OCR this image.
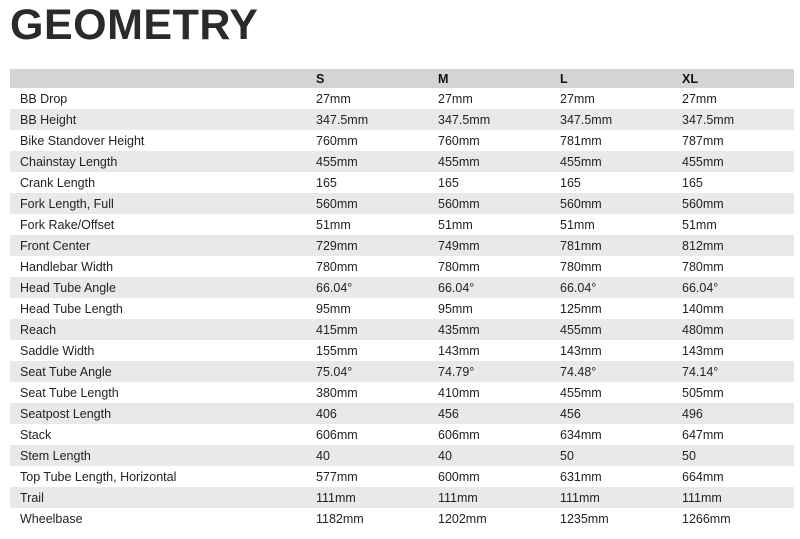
GEOMETRY
	S	M	L	XL
BB Drop	27mm	27mm	27mm	27mm
BB Height	347.5mm	347.5mm	347.5mm	347.5mm
Bike Standover Height	760mm	760mm	781mm	787mm
Chainstay Length	455mm	455mm	455mm	455mm
Crank Length	165	165	165	165
Fork Length, Full	560mm	560mm	560mm	560mm
Fork Rake/Offset	51mm	51mm	51mm	51mm
Front Center	729mm	749mm	781mm	812mm
Handlebar Width	780mm	780mm	780mm	780mm
Head Tube Angle	66.04°	66.04°	66.04°	66.04°
Head Tube Length	95mm	95mm	125mm	140mm
Reach	415mm	435mm	455mm	480mm
Saddle Width	155mm	143mm	143mm	143mm
Seat Tube Angle	75.04°	74.79°	74.48°	74.14°
Seat Tube Length	380mm	410mm	455mm	505mm
Seatpost Length	406	456	456	496
Stack	606mm	606mm	634mm	647mm
Stem Length	40	40	50	50
Top Tube Length, Horizontal	577mm	600mm	631mm	664mm
Trail	111mm	111mm	111mm	111mm
Wheelbase	1182mm	1202mm	1235mm	1266mm
